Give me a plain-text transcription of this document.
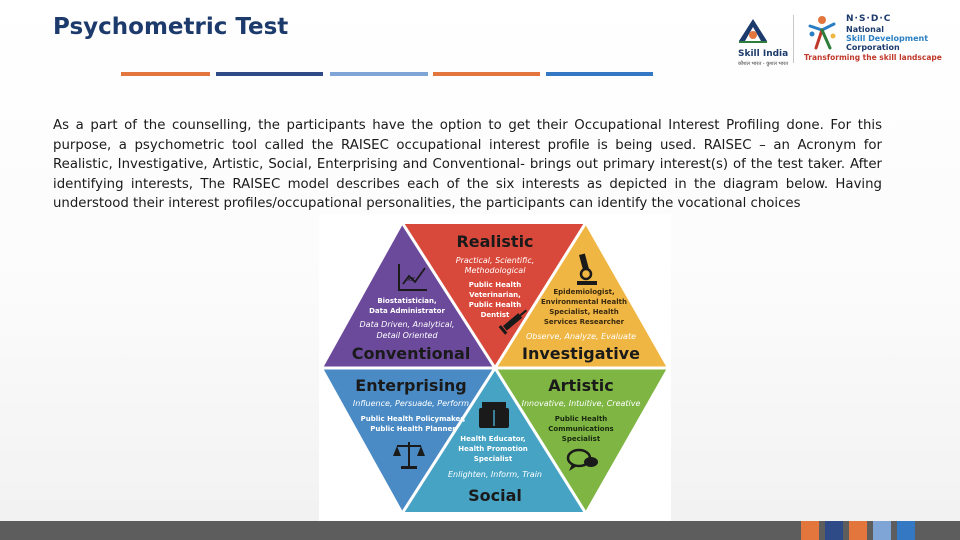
Psychometric Test
Skill India
कौशल भारत - कुशल भारत
N·S·D·C
National
Skill Development
Corporation
Transforming the skill landscape

As a part of the counselling, the participants have the option to get their Occupational Interest Profiling done. For this purpose, a psychometric tool called the RAISEC occupational interest profile is being used. RAISEC – an Acronym for Realistic, Investigative, Artistic, Social, Enterprising and Conventional- brings out primary interest(s) of the test taker. After identifying interests, The RAISEC model describes each of the six interests as depicted in the diagram below. Having understood their interest profiles/occupational personalities, the participants can identify the vocational choices

Realistic
Practical, Scientific,
Methodological
Public Health
Veterinarian,
Public Health
Dentist
Epidemiologist,
Environmental Health
Specialist, Health
Services Researcher
Observe, Analyze, Evaluate
Investigative
xx
Biostatistician,
Data Administrator
Data Driven, Analytical,
Detail Oriented
Conventional
Enterprising
Influence, Persuade, Perform
Public Health Policymaker,
Public Health Planner
Health Educator,
Health Promotion
Specialist
Enlighten, Inform, Train
Social
Artistic
Innovative, Intuitive, Creative
Public Health
Communications
Specialist
